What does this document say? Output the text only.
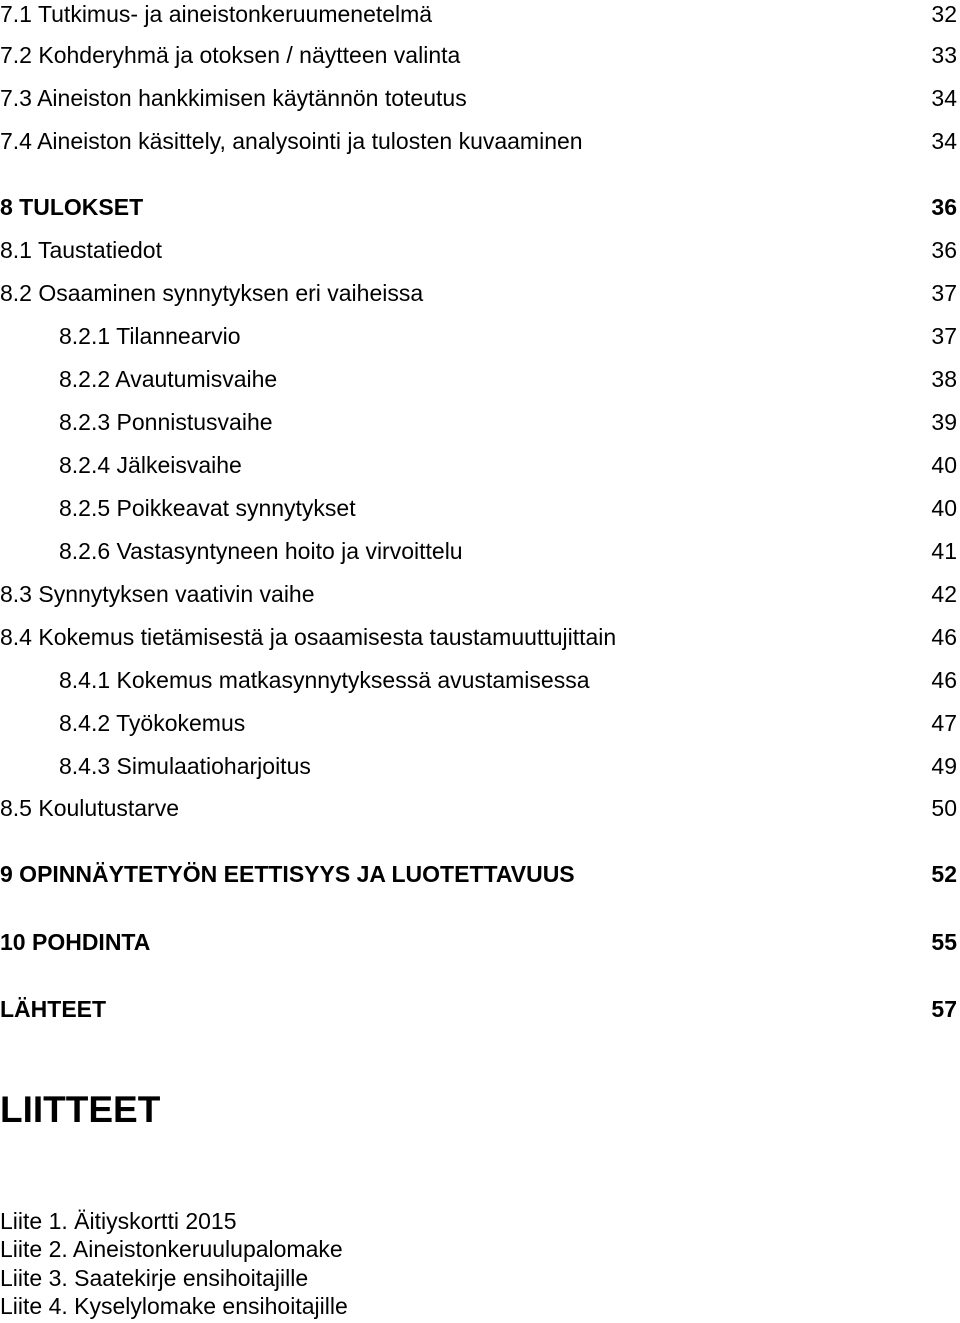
7.1 Tutkimus- ja aineistonkeruumenetelmä	32
7.2 Kohderyhmä ja otoksen / näytteen valinta	33
7.3 Aineiston hankkimisen käytännön toteutus	34
7.4 Aineiston käsittely, analysointi ja tulosten kuvaaminen	34
8 TULOKSET	36
8.1 Taustatiedot	36
8.2 Osaaminen synnytyksen eri vaiheissa	37
8.2.1 Tilannearvio	37
8.2.2 Avautumisvaihe	38
8.2.3 Ponnistusvaihe	39
8.2.4 Jälkeisvaihe	40
8.2.5 Poikkeavat synnytykset	40
8.2.6 Vastasyntyneen hoito ja virvoittelu	41
8.3 Synnytyksen vaativin vaihe	42
8.4 Kokemus tietämisestä ja osaamisesta taustamuuttujittain	46
8.4.1 Kokemus matkasynnytyksessä avustamisessa	46
8.4.2 Työkokemus	47
8.4.3 Simulaatioharjoitus	49
8.5 Koulutustarve	50
9 OPINNÄYTETYÖN EETTISYYS JA LUOTETTAVUUS	52
10 POHDINTA	55
LÄHTEET	57
LIITTEET
Liite 1. Äitiyskortti 2015
Liite 2. Aineistonkeruulupalomake
Liite 3. Saatekirje ensihoitajille
Liite 4. Kyselylomake ensihoitajille
